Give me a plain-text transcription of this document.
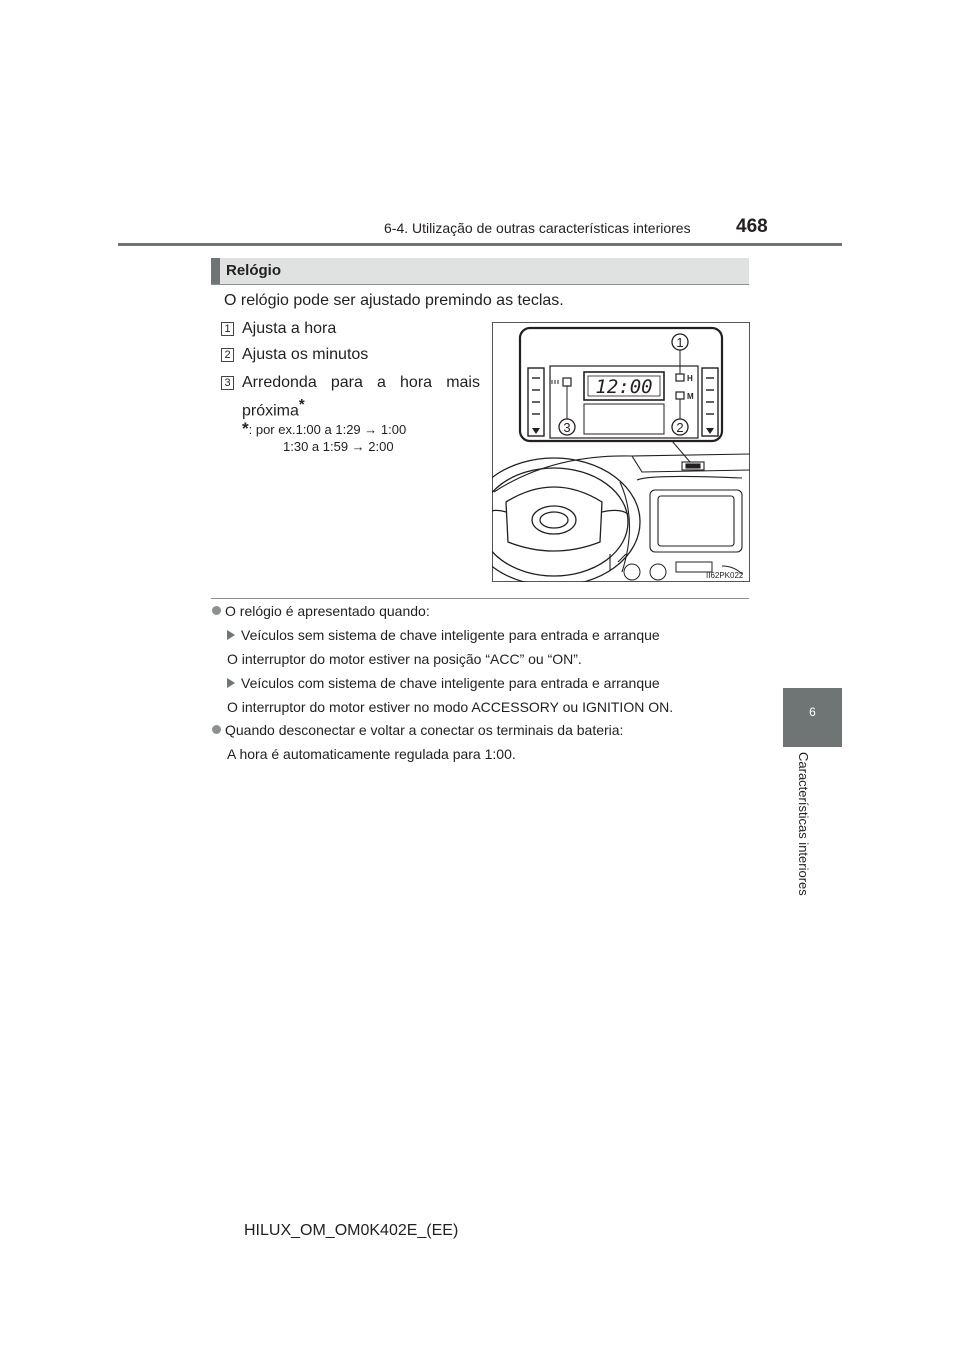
6-4. Utilização de outras características interiores 468
6
Características interiores
Relógio
O relógio pode ser ajustado premindo as teclas.
1 Ajusta a hora
2 Ajusta os minutos
3 Arredonda para a hora mais
próxima*
*: por ex.1:00 a 1:29 → 1:00
1:30 a 1:59 → 2:00
12:00	H
M
1
2
3
II62PK022
O relógio é apresentado quando:
Veículos sem sistema de chave inteligente para entrada e arranque
O interruptor do motor estiver na posição “ACC” ou “ON”.
Veículos com sistema de chave inteligente para entrada e arranque
O interruptor do motor estiver no modo ACCESSORY ou IGNITION ON.
Quando desconectar e voltar a conectar os terminais da bateria:
A hora é automaticamente regulada para 1:00.
HILUX_OM_OM0K402E_(EE)
